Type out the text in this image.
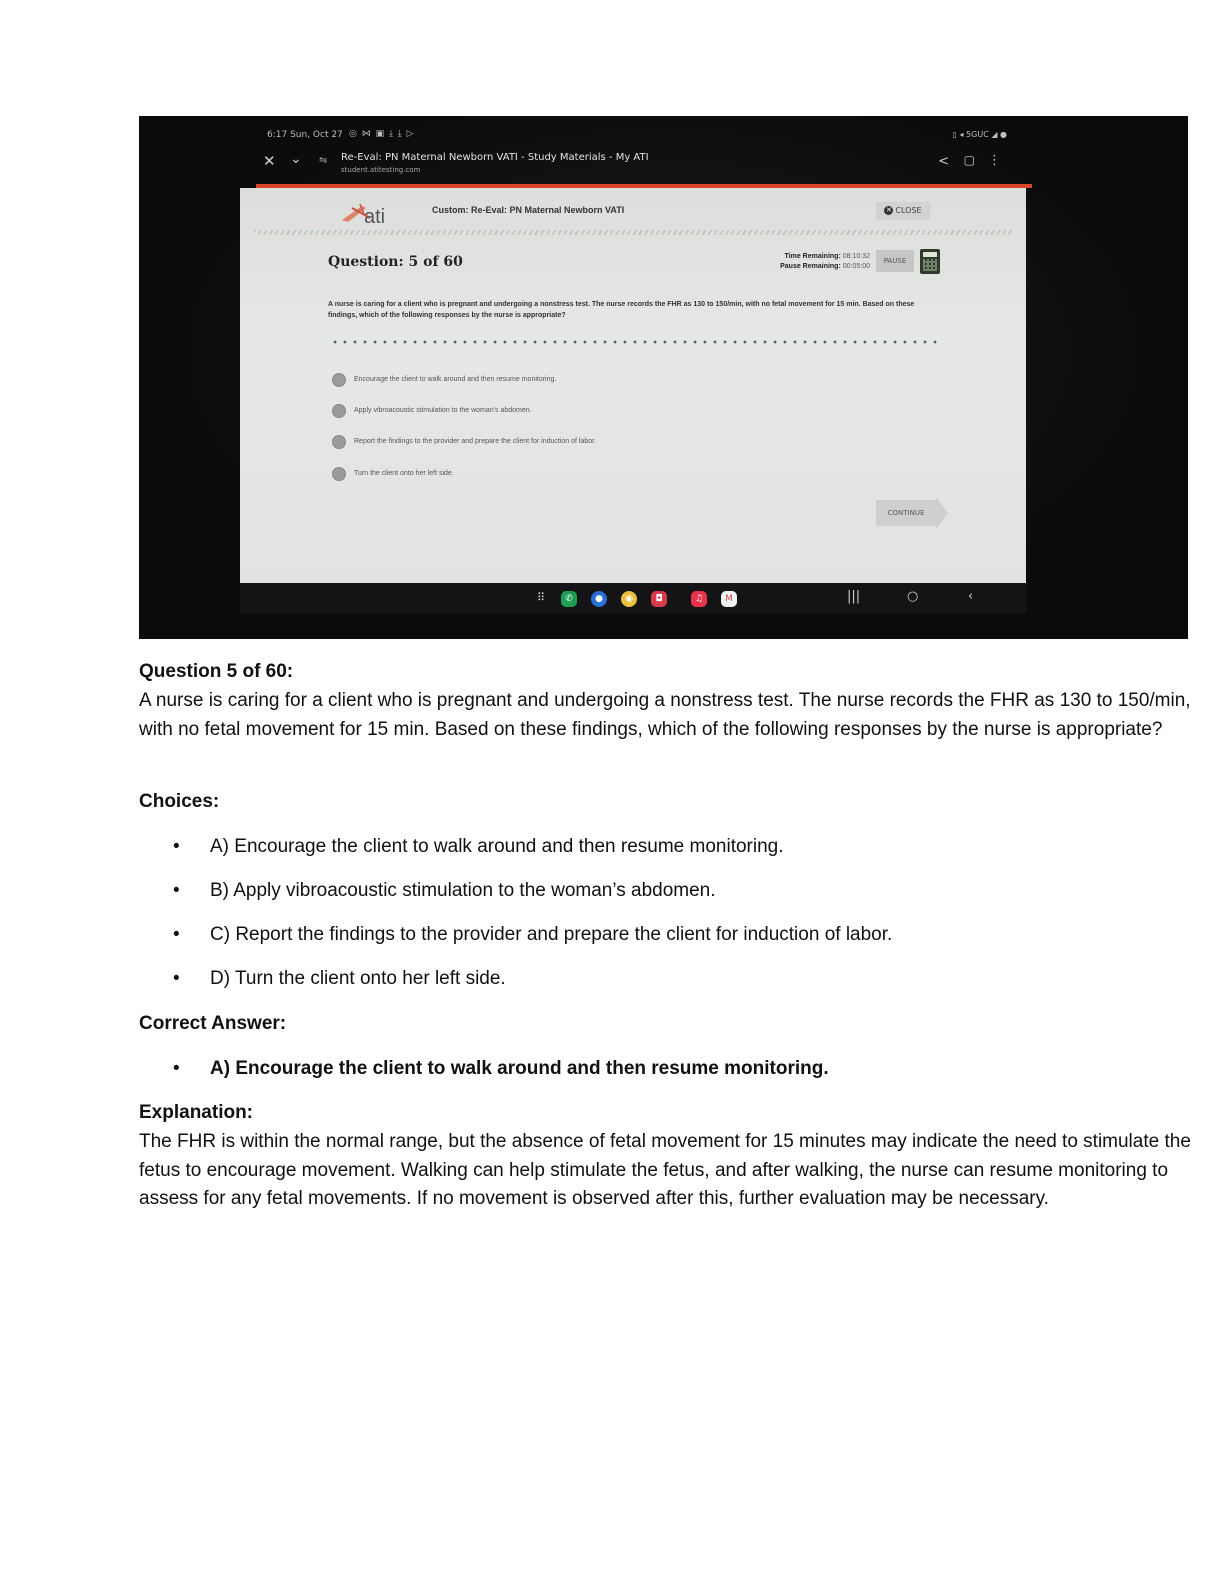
6:17 Sun, Oct 27 ◎ ⋈ ▣ ⤓ ⤓ ▷	▯ ◂ 5GUC ◢ ●
✕ ⌄ ⇋ Re-Eval: PN Maternal Newborn VATI - Study Materials - My ATI
student.atitesting.com
< ▢ ⋮
ati	Custom: Re-Eval: PN Maternal Newborn VATI	✕ CLOSE
Question: 5 of 60	Time Remaining: 08:10:32
Pause Remaining: 00:05:00
PAUSE
A nurse is caring for a client who is pregnant and undergoing a nonstress test. The nurse records the FHR as 130 to 150/min, with no fetal movement for 15 min. Based on these findings, which of the following responses by the nurse is appropriate?
Encourage the client to walk around and then resume monitoring.
Apply vibroacoustic stimulation to the woman's abdomen.
Report the findings to the provider and prepare the client for induction of labor.
Turn the client onto her left side.
CONTINUE
⠿	✆	●	◉	◘	♫	M	|||	○	‹
Question 5 of 60:
A nurse is caring for a client who is pregnant and undergoing a nonstress test. The nurse records the FHR as 130 to 150/min, with no fetal movement for 15 min. Based on these findings, which of the following responses by the nurse is appropriate?
Choices:
• A) Encourage the client to walk around and then resume monitoring.
• B) Apply vibroacoustic stimulation to the woman’s abdomen.
• C) Report the findings to the provider and prepare the client for induction of labor.
• D) Turn the client onto her left side.
Correct Answer:
• A) Encourage the client to walk around and then resume monitoring.
Explanation:
The FHR is within the normal range, but the absence of fetal movement for 15 minutes may indicate the need to stimulate the fetus to encourage movement. Walking can help stimulate the fetus, and after walking, the nurse can resume monitoring to assess for any fetal movements. If no movement is observed after this, further evaluation may be necessary.
